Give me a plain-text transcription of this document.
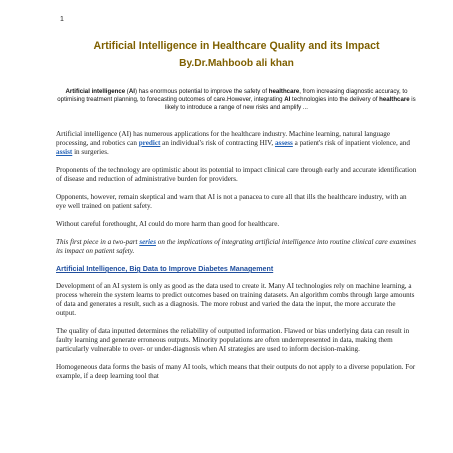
1
Artificial Intelligence in Healthcare Quality and its Impact
By.Dr.Mahboob ali khan

Artificial intelligence (AI) has enormous potential to improve the safety of healthcare, from increasing diagnostic accuracy, to optimising treatment planning, to forecasting outcomes of care.However, integrating AI technologies into the delivery of healthcare is likely to introduce a range of new risks and amplify ...

Artificial intelligence (AI) has numerous applications for the healthcare industry. Machine learning, natural language processing, and robotics can predict an individual's risk of contracting HIV, assess a patient's risk of inpatient violence, and assist in surgeries.

Proponents of the technology are optimistic about its potential to impact clinical care through early and accurate identification of disease and reduction of administrative burden for providers.

Opponents, however, remain skeptical and warn that AI is not a panacea to cure all that ills the healthcare industry, with an eye well trained on patient safety.

Without careful forethought, AI could do more harm than good for healthcare.

This first piece in a two-part series on the implications of integrating artificial intelligence into routine clinical care examines its impact on patient safety.

Artificial Intelligence, Big Data to Improve Diabetes Management

Development of an AI system is only as good as the data used to create it. Many AI technologies rely on machine learning, a process wherein the system learns to predict outcomes based on training datasets. An algorithm combs through large amounts of data and generates a result, such as a diagnosis. The more robust and varied the data the input, the more accurate the output.

The quality of data inputted determines the reliability of outputted information. Flawed or bias underlying data can result in faulty learning and generate erroneous outputs. Minority populations are often underrepresented in data, making them particularly vulnerable to over- or under-diagnosis when AI strategies are used to inform decision-making.

Homogeneous data forms the basis of many AI tools, which means that their outputs do not apply to a diverse population. For example, if a deep learning tool that
